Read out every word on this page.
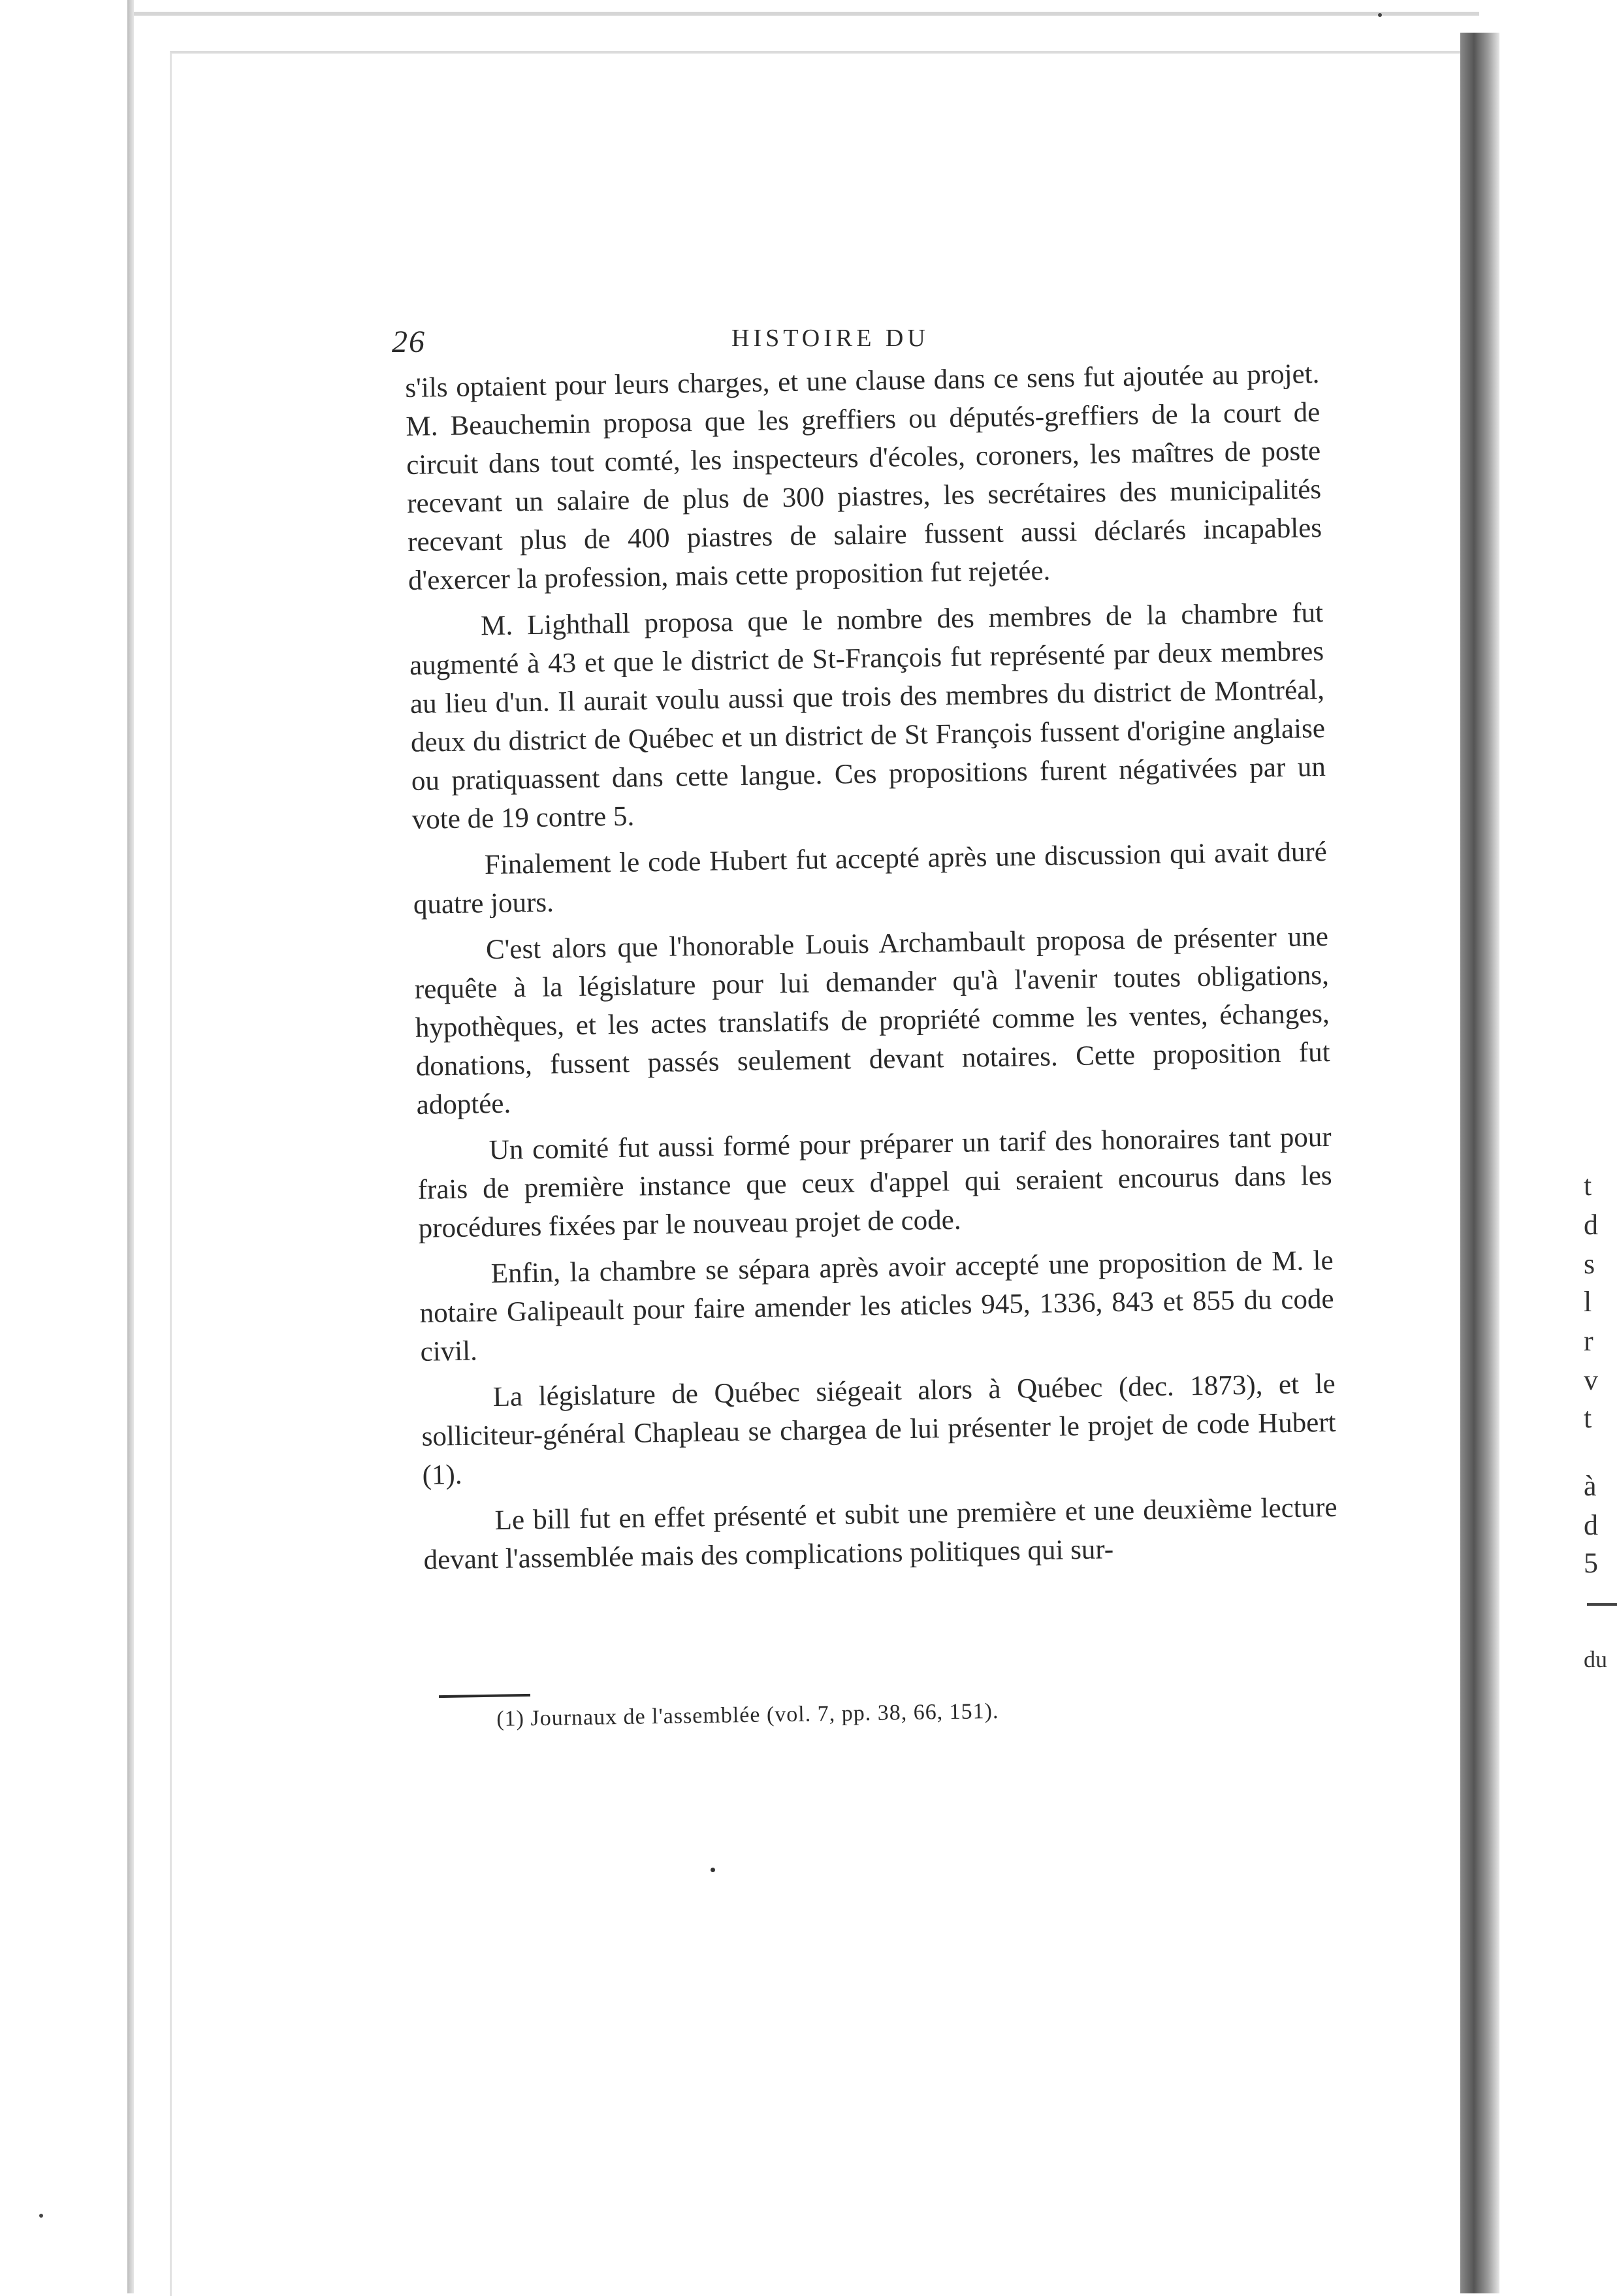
26	HISTOIRE DU

s'ils optaient pour leurs charges, et une clause dans ce sens fut ajoutée au projet. M. Beauchemin proposa que les greffiers ou députés-greffiers de la court de circuit dans tout comté, les inspecteurs d'écoles, coroners, les maîtres de poste recevant un salaire de plus de 300 piastres, les secrétaires des municipalités recevant plus de 400 piastres de salaire fussent aussi déclarés incapables d'exercer la profession, mais cette proposition fut rejetée.

M. Lighthall proposa que le nombre des membres de la chambre fut augmenté à 43 et que le district de St-François fut représenté par deux membres au lieu d'un. Il aurait voulu aussi que trois des membres du district de Montréal, deux du district de Québec et un district de St François fussent d'origine anglaise ou pratiquassent dans cette langue. Ces propositions furent négativées par un vote de 19 contre 5.

Finalement le code Hubert fut accepté après une discussion qui avait duré quatre jours.

C'est alors que l'honorable Louis Archambault proposa de présenter une requête à la législature pour lui demander qu'à l'avenir toutes obligations, hypothèques, et les actes translatifs de propriété comme les ventes, échanges, donations, fussent passés seulement devant notaires. Cette proposition fut adoptée.

Un comité fut aussi formé pour préparer un tarif des honoraires tant pour frais de première instance que ceux d'appel qui seraient encourus dans les procédures fixées par le nouveau projet de code.

Enfin, la chambre se sépara après avoir accepté une proposition de M. le notaire Galipeault pour faire amender les aticles 945, 1336, 843 et 855 du code civil.

La législature de Québec siégeait alors à Québec (dec. 1873), et le solliciteur-général Chapleau se chargea de lui présenter le projet de code Hubert (1).

Le bill fut en effet présenté et subit une première et une deuxième lecture devant l'assemblée mais des complications politiques qui sur-

(1) Journaux de l'assemblée (vol. 7, pp. 38, 66, 151).
t
d
s
l
r
v
t
à
d
5
du
